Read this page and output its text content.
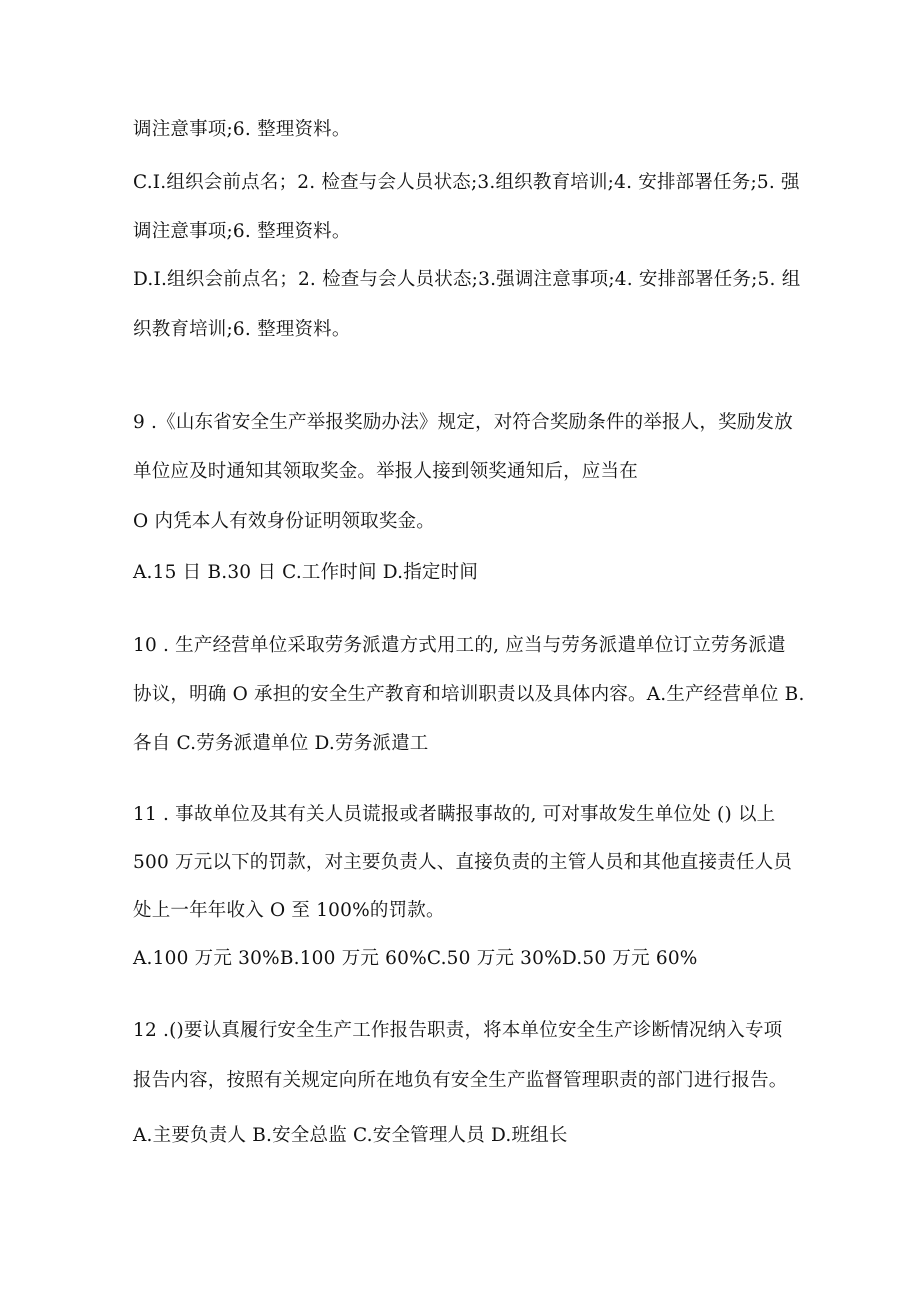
调注意事项;6. 整理资料。
C.I.组织会前点名；2. 检查与会人员状态;3.组织教育培训;4. 安排部署任务;5. 强
调注意事项;6. 整理资料。
D.I.组织会前点名；2. 检查与会人员状态;3.强调注意事项;4. 安排部署任务;5. 组
织教育培训;6. 整理资料。
9 .《山东省安全生产举报奖励办法》规定，对符合奖励条件的举报人，奖励发放
单位应及时通知其领取奖金。举报人接到领奖通知后，应当在
O 内凭本人有效身份证明领取奖金。
A.15 日 B.30 日 C.工作时间 D.指定时间
10 . 生产经营单位采取劳务派遣方式用工的, 应当与劳务派遣单位订立劳务派遣
协议，明确 O 承担的安全生产教育和培训职责以及具体内容。A.生产经营单位 B.
各自 C.劳务派遣单位 D.劳务派遣工
11 . 事故单位及其有关人员谎报或者瞒报事故的, 可对事故发生单位处 () 以上
500 万元以下的罚款，对主要负责人、直接负责的主管人员和其他直接责任人员
处上一年年收入 O 至 100%的罚款。
A.100 万元 30%B.100 万元 60%C.50 万元 30%D.50 万元 60%
12 .()要认真履行安全生产工作报告职责，将本单位安全生产诊断情况纳入专项
报告内容，按照有关规定向所在地负有安全生产监督管理职责的部门进行报告。
A.主要负责人 B.安全总监 C.安全管理人员 D.班组长
